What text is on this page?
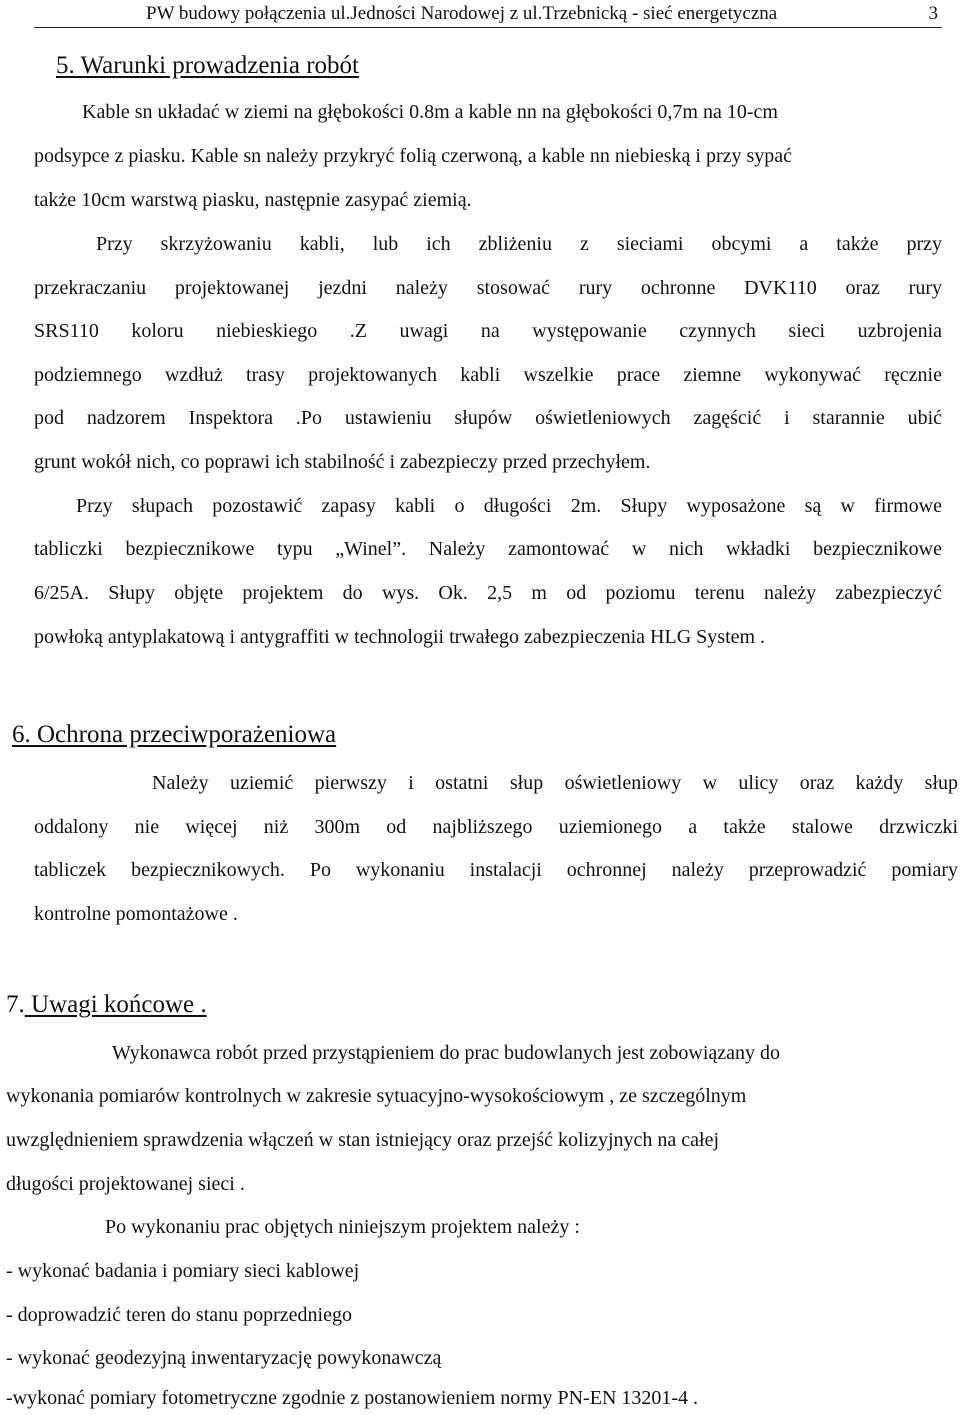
PW budowy połączenia ul.Jedności Narodowej z ul.Trzebnicką - sieć energetyczna	3
5. Warunki prowadzenia robót
Kable sn układać w ziemi na głębokości 0.8m a kable nn na głębokości 0,7m na 10-cm
podsypce z piasku. Kable sn należy przykryć folią czerwoną, a kable nn niebieską i przy sypać
także 10cm warstwą piasku, następnie zasypać ziemią.
Przy skrzyżowaniu kabli, lub ich zbliżeniu z sieciami obcymi a także przy
przekraczaniu projektowanej jezdni należy stosować rury ochronne DVK110 oraz rury
SRS110 koloru niebieskiego .Z uwagi na występowanie czynnych sieci uzbrojenia
podziemnego wzdłuż trasy projektowanych kabli wszelkie prace ziemne wykonywać ręcznie
pod nadzorem Inspektora .Po ustawieniu słupów oświetleniowych zagęścić i starannie ubić
grunt wokół nich, co poprawi ich stabilność i zabezpieczy przed przechyłem.
Przy słupach pozostawić zapasy kabli o długości 2m. Słupy wyposażone są w firmowe
tabliczki bezpiecznikowe typu „Winel”. Należy zamontować w nich wkładki bezpiecznikowe
6/25A. Słupy objęte projektem do wys. Ok. 2,5 m od poziomu terenu należy zabezpieczyć
powłoką antyplakatową i antygraffiti w technologii trwałego zabezpieczenia HLG System .
6. Ochrona przeciwporażeniowa
Należy uziemić pierwszy i ostatni słup oświetleniowy w ulicy oraz każdy słup
oddalony nie więcej niż 300m od najbliższego uziemionego a także stalowe drzwiczki
tabliczek bezpiecznikowych. Po wykonaniu instalacji ochronnej należy przeprowadzić pomiary
kontrolne pomontażowe .
7. Uwagi końcowe .
Wykonawca robót przed przystąpieniem do prac budowlanych jest zobowiązany do
wykonania pomiarów kontrolnych w zakresie sytuacyjno-wysokościowym , ze szczególnym
uwzględnieniem sprawdzenia włączeń w stan istniejący oraz przejść kolizyjnych na całej
długości projektowanej sieci .
Po wykonaniu prac objętych niniejszym projektem należy :
- wykonać badania i pomiary sieci kablowej
- doprowadzić teren do stanu poprzedniego
- wykonać geodezyjną inwentaryzację powykonawczą
-wykonać pomiary fotometryczne zgodnie z postanowieniem normy PN-EN 13201-4 .
